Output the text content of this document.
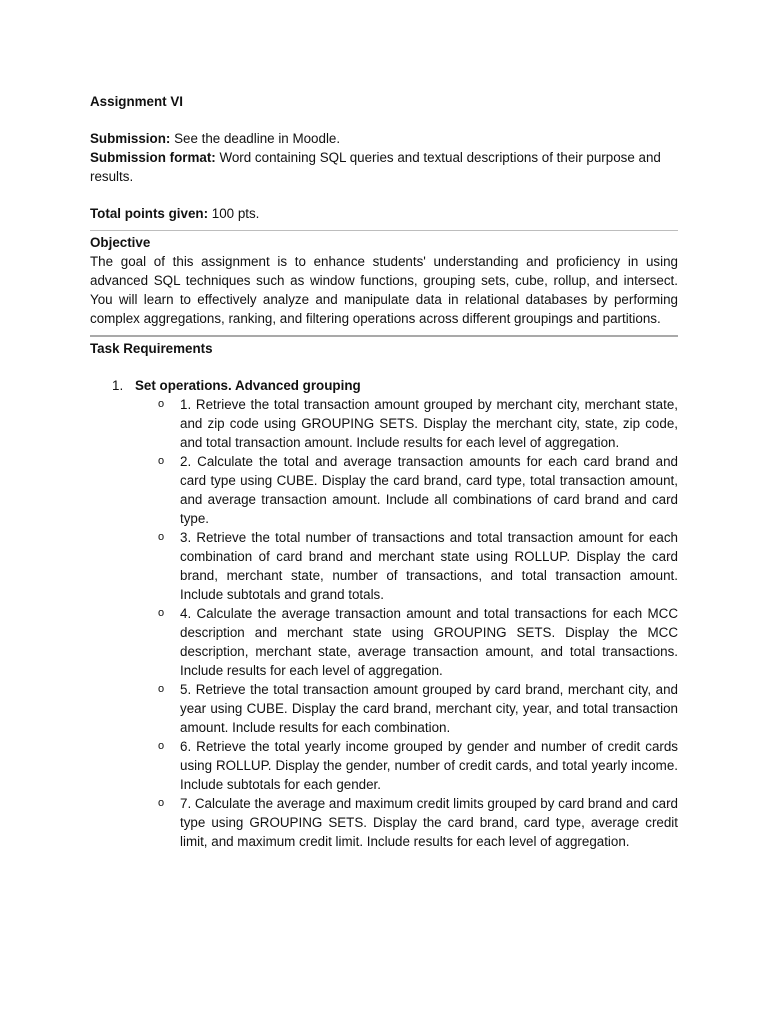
Assignment VI

Submission: See the deadline in Moodle.

Submission format: Word containing SQL queries and textual descriptions of their purpose and results.

Total points given: 100 pts.

Objective

The goal of this assignment is to enhance students' understanding and proficiency in using advanced SQL techniques such as window functions, grouping sets, cube, rollup, and intersect. You will learn to effectively analyze and manipulate data in relational databases by performing complex aggregations, ranking, and filtering operations across different groupings and partitions.

Task Requirements

1. Set operations. Advanced grouping
o 1. Retrieve the total transaction amount grouped by merchant city, merchant state, and zip code using GROUPING SETS. Display the merchant city, state, zip code, and total transaction amount. Include results for each level of aggregation.
o 2. Calculate the total and average transaction amounts for each card brand and card type using CUBE. Display the card brand, card type, total transaction amount, and average transaction amount. Include all combinations of card brand and card type.
o 3. Retrieve the total number of transactions and total transaction amount for each combination of card brand and merchant state using ROLLUP. Display the card brand, merchant state, number of transactions, and total transaction amount. Include subtotals and grand totals.
o 4. Calculate the average transaction amount and total transactions for each MCC description and merchant state using GROUPING SETS. Display the MCC description, merchant state, average transaction amount, and total transactions. Include results for each level of aggregation.
o 5. Retrieve the total transaction amount grouped by card brand, merchant city, and year using CUBE. Display the card brand, merchant city, year, and total transaction amount. Include results for each combination.
o 6. Retrieve the total yearly income grouped by gender and number of credit cards using ROLLUP. Display the gender, number of credit cards, and total yearly income. Include subtotals for each gender.
o 7. Calculate the average and maximum credit limits grouped by card brand and card type using GROUPING SETS. Display the card brand, card type, average credit limit, and maximum credit limit. Include results for each level of aggregation.
